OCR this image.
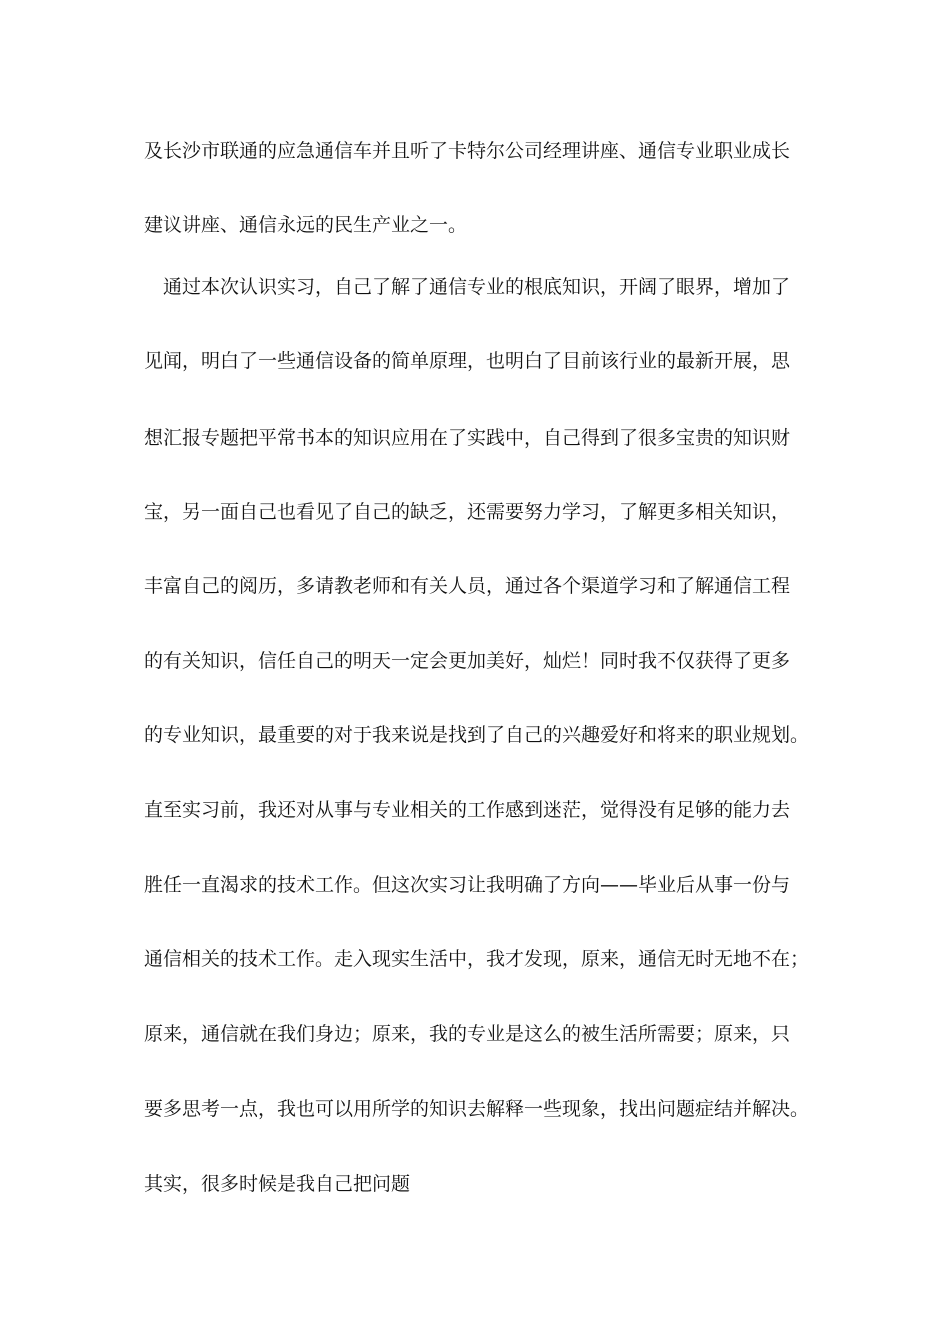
及长沙市联通的应急通信车并且听了卡特尔公司经理讲座、通信专业职业成长
建议讲座、通信永远的民生产业之一。
　通过本次认识实习，自己了解了通信专业的根底知识，开阔了眼界，增加了
见闻，明白了一些通信设备的简单原理，也明白了目前该行业的最新开展，思
想汇报专题把平常书本的知识应用在了实践中，自己得到了很多宝贵的知识财
宝，另一面自己也看见了自己的缺乏，还需要努力学习，了解更多相关知识，
丰富自己的阅历，多请教老师和有关人员，通过各个渠道学习和了解通信工程
的有关知识，信任自己的明天一定会更加美好，灿烂！同时我不仅获得了更多
的专业知识，最重要的对于我来说是找到了自己的兴趣爱好和将来的职业规划。
直至实习前，我还对从事与专业相关的工作感到迷茫，觉得没有足够的能力去
胜任一直渴求的技术工作。但这次实习让我明确了方向——毕业后从事一份与
通信相关的技术工作。走入现实生活中，我才发现，原来，通信无时无地不在；
原来，通信就在我们身边；原来，我的专业是这么的被生活所需要；原来，只
要多思考一点，我也可以用所学的知识去解释一些现象，找出问题症结并解决。
其实，很多时候是我自己把问题
